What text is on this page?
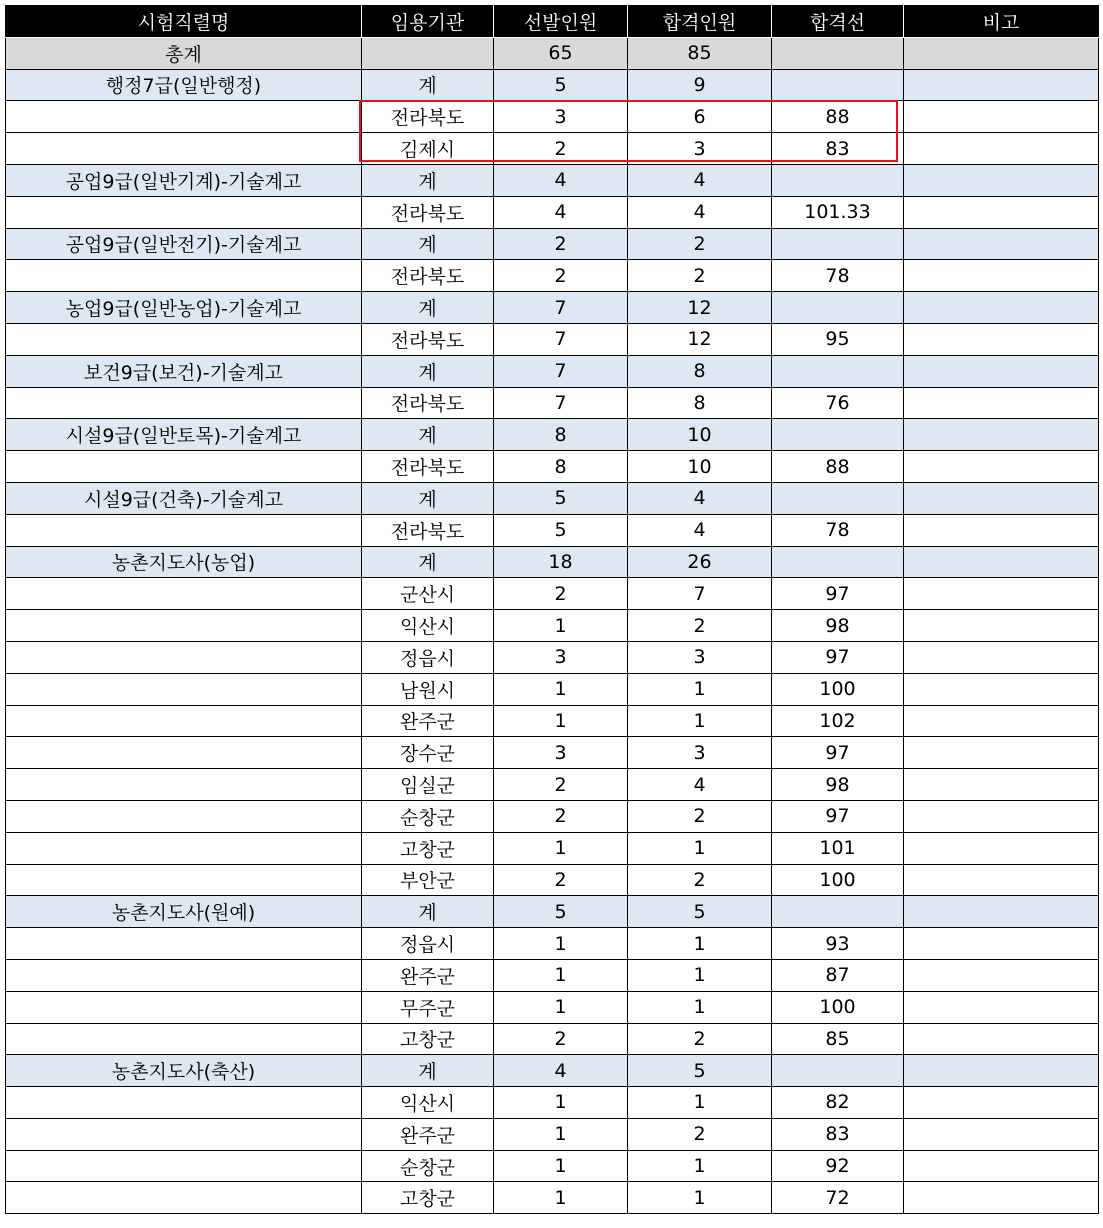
시험직렬명	임용기관	선발인원	합격인원	합격선	비고
총계		65	85		
행정7급(일반행정)	계	5	9		
	전라북도	3	6	88	
	김제시	2	3	83	
공업9급(일반기계)-기술계고	계	4	4		
	전라북도	4	4	101.33	
공업9급(일반전기)-기술계고	계	2	2		
	전라북도	2	2	78	
농업9급(일반농업)-기술계고	계	7	12		
	전라북도	7	12	95	
보건9급(보건)-기술계고	계	7	8		
	전라북도	7	8	76	
시설9급(일반토목)-기술계고	계	8	10		
	전라북도	8	10	88	
시설9급(건축)-기술계고	계	5	4		
	전라북도	5	4	78	
농촌지도사(농업)	계	18	26		
	군산시	2	7	97	
	익산시	1	2	98	
	정읍시	3	3	97	
	남원시	1	1	100	
	완주군	1	1	102	
	장수군	3	3	97	
	임실군	2	4	98	
	순창군	2	2	97	
	고창군	1	1	101	
	부안군	2	2	100	
농촌지도사(원예)	계	5	5		
	정읍시	1	1	93	
	완주군	1	1	87	
	무주군	1	1	100	
	고창군	2	2	85	
농촌지도사(축산)	계	4	5		
	익산시	1	1	82	
	완주군	1	2	83	
	순창군	1	1	92	
	고창군	1	1	72	
